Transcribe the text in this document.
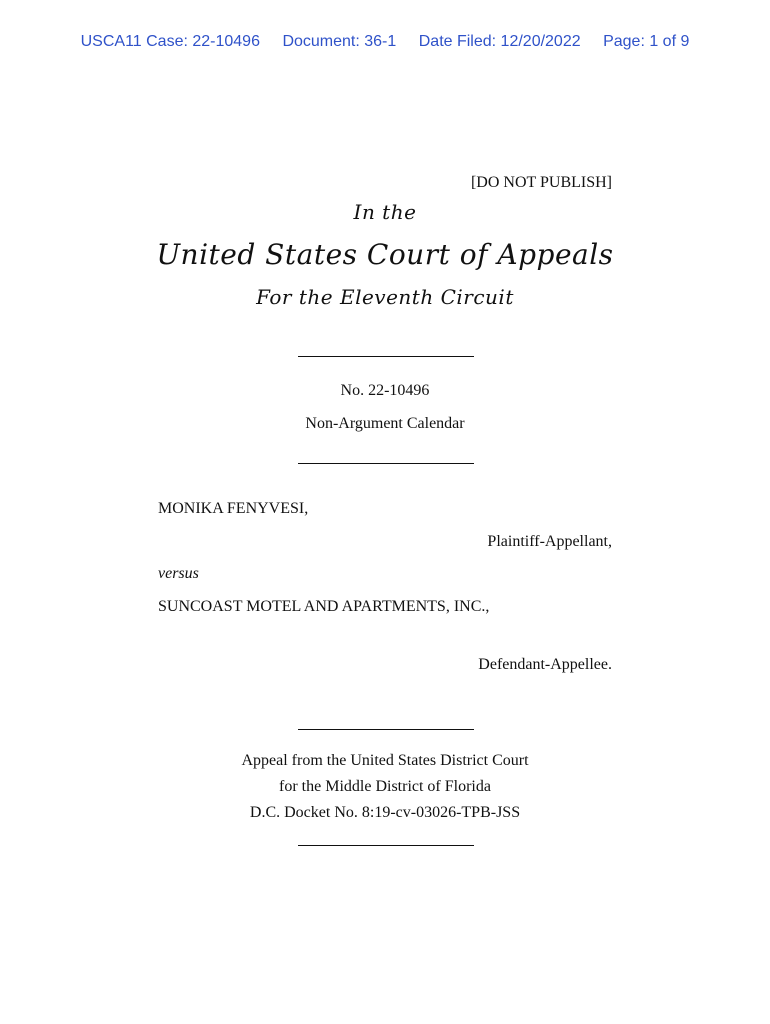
USCA11 Case: 22-10496 Document: 36-1 Date Filed: 12/20/2022 Page: 1 of 9
[DO NOT PUBLISH]
In the
United States Court of Appeals
For the Eleventh Circuit
No. 22-10496
Non-Argument Calendar
MONIKA FENYVESI,
Plaintiff-Appellant,
versus
SUNCOAST MOTEL AND APARTMENTS, INC.,
Defendant-Appellee.
Appeal from the United States District Court
for the Middle District of Florida
D.C. Docket No. 8:19-cv-03026-TPB-JSS
